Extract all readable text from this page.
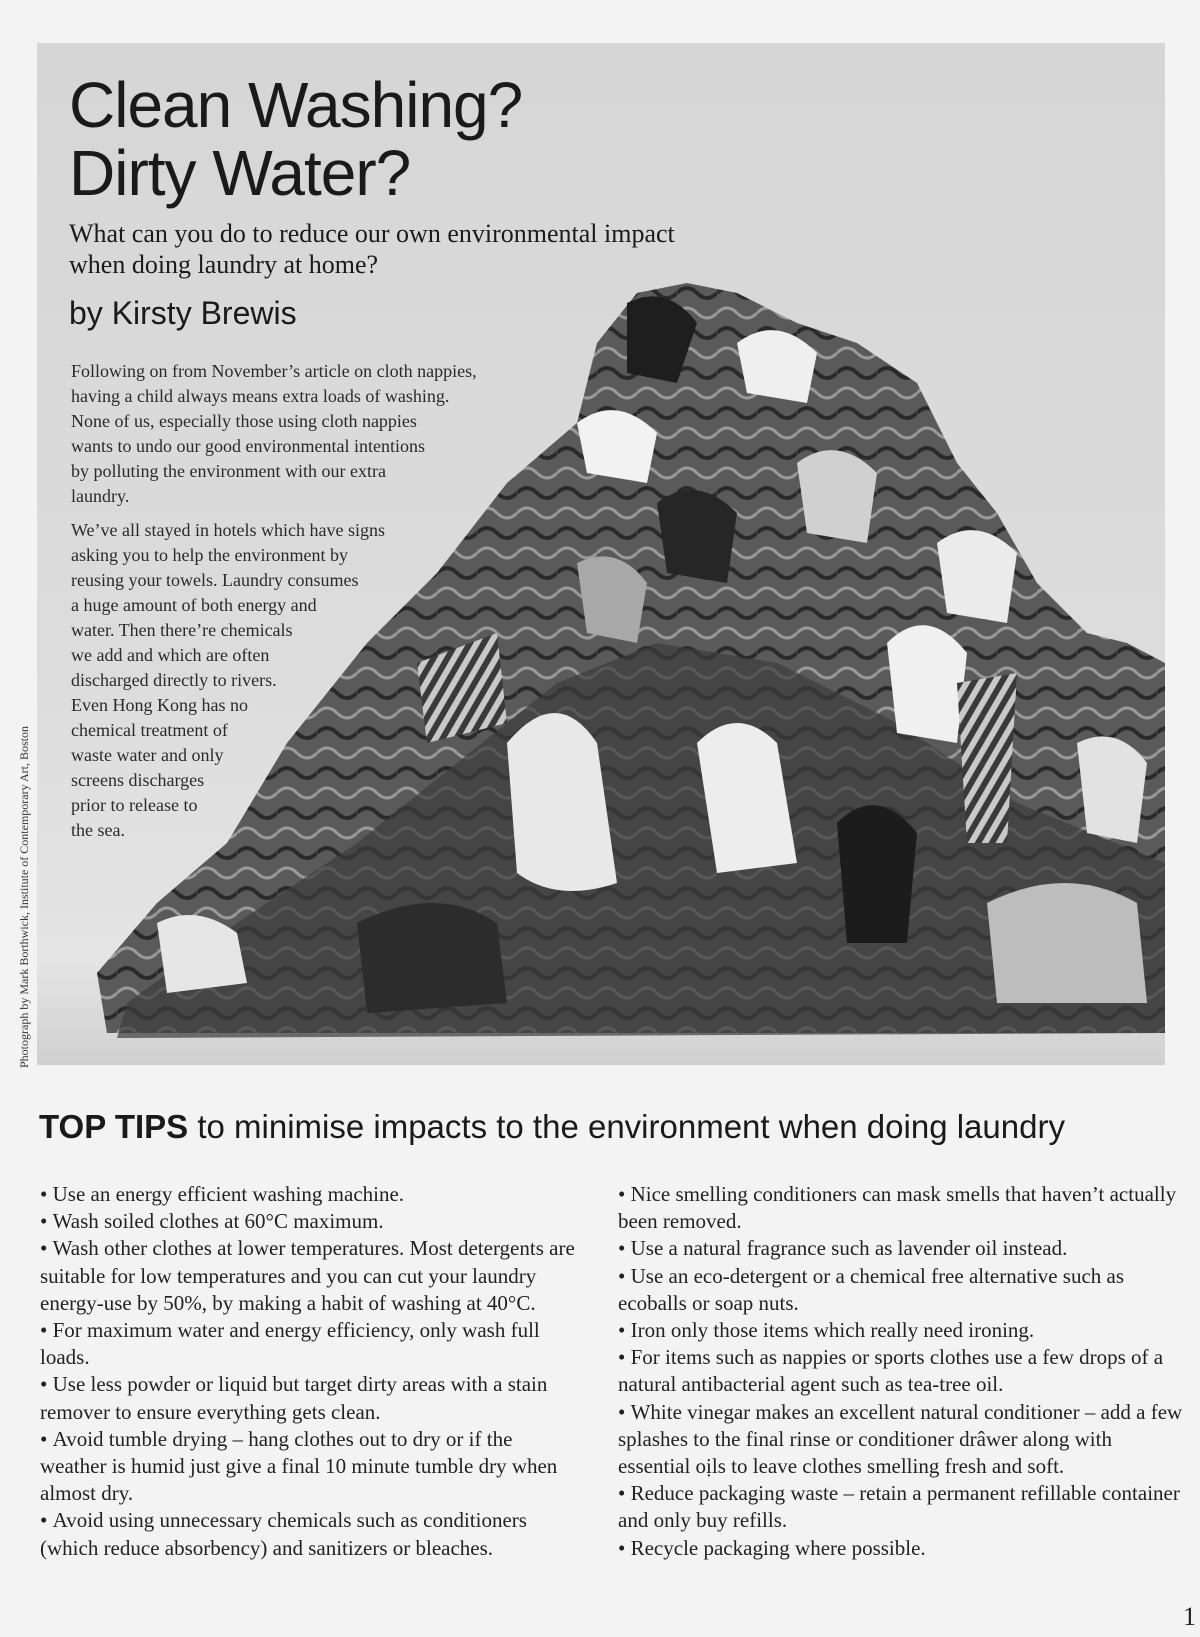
Clean Washing?
Dirty Water?

What can you do to reduce our own environmental impact when doing laundry at home?

by Kirsty Brewis

Following on from November’s article on cloth nappies,
having a child always means extra loads of washing.
None of us, especially those using cloth nappies
wants to undo our good environmental intentions
by polluting the environment with our extra
laundry.

We’ve all stayed in hotels which have signs
asking you to help the environment by
reusing your towels. Laundry consumes
a huge amount of both energy and
water. Then there’re chemicals
we add and which are often
discharged directly to rivers.
Even Hong Kong has no
chemical treatment of
waste water and only
screens discharges
prior to release to
the sea.

Photograph by Mark Borthwick, Institute of Contemporary Art, Boston
TOP TIPS to minimise impacts to the environment when doing laundry
• Use an energy efficient washing machine.
• Wash soiled clothes at 60°C maximum.
• Wash other clothes at lower temperatures. Most detergents are suitable for low temperatures and you can cut your laundry energy-use by 50%, by making a habit of washing at 40°C.
• For maximum water and energy efficiency, only wash full loads.
• Use less powder or liquid but target dirty areas with a stain remover to ensure everything gets clean.
• Avoid tumble drying – hang clothes out to dry or if the weather is humid just give a final 10 minute tumble dry when almost dry.
• Avoid using unnecessary chemicals such as conditioners (which reduce absorbency) and sanitizers or bleaches.
• Nice smelling conditioners can mask smells that haven’t actually been removed.
• Use a natural fragrance such as lavender oil instead.
• Use an eco-detergent or a chemical free alternative such as ecoballs or soap nuts.
• Iron only those items which really need ironing.
• For items such as nappies or sports clothes use a few drops of a natural antibacterial agent such as tea-tree oil.
• White vinegar makes an excellent natural conditioner – add a few splashes to the final rinse or conditioner drâwer along with essential oịls to leave clothes smelling fresh and soft.
• Reduce packaging waste – retain a permanent refillable container and only buy refills.
• Recycle packaging where possible.
1
